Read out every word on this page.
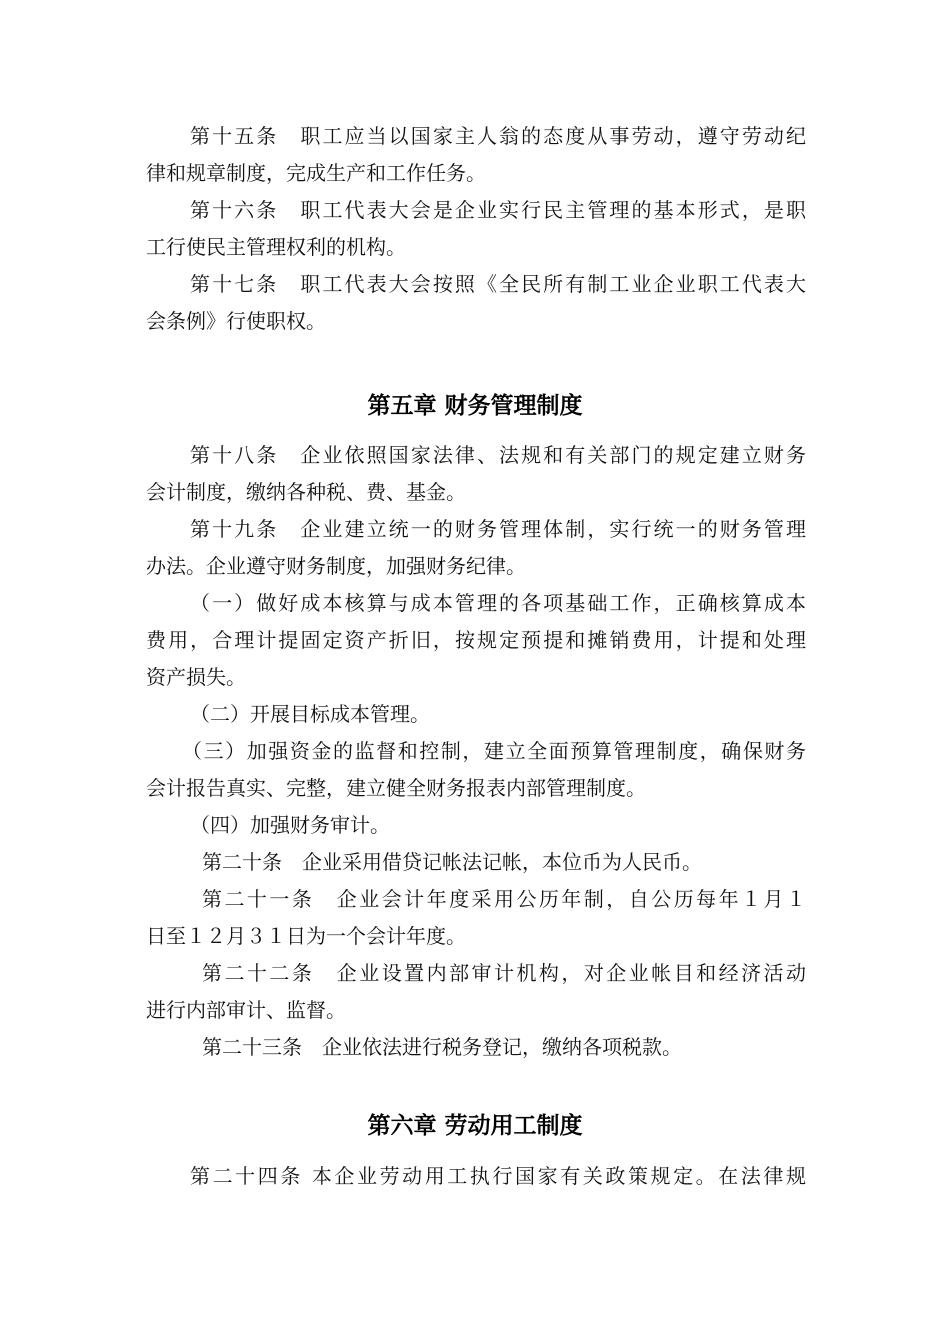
第十五条　职工应当以国家主人翁的态度从事劳动，遵守劳动纪
律和规章制度，完成生产和工作任务。
第十六条　职工代表大会是企业实行民主管理的基本形式，是职
工行使民主管理权利的机构。
第十七条　职工代表大会按照《全民所有制工业企业职工代表大
会条例》行使职权。
第五章 财务管理制度
第十八条　企业依照国家法律、法规和有关部门的规定建立财务
会计制度，缴纳各种税、费、基金。
第十九条　企业建立统一的财务管理体制，实行统一的财务管理
办法。企业遵守财务制度，加强财务纪律。
（一）做好成本核算与成本管理的各项基础工作，正确核算成本
费用，合理计提固定资产折旧，按规定预提和摊销费用，计提和处理
资产损失。
（二）开展目标成本管理。
（三）加强资金的监督和控制，建立全面预算管理制度，确保财务
会计报告真实、完整，建立健全财务报表内部管理制度。
（四）加强财务审计。
第二十条　企业采用借贷记帐法记帐，本位币为人民币。
第二十一条　企业会计年度采用公历年制，自公历每年１月１
日至１２月３１日为一个会计年度。
第二十二条　企业设置内部审计机构，对企业帐目和经济活动
进行内部审计、监督。
第二十三条　企业依法进行税务登记，缴纳各项税款。
第六章 劳动用工制度
第二十四条 本企业劳动用工执行国家有关政策规定。在法律规
